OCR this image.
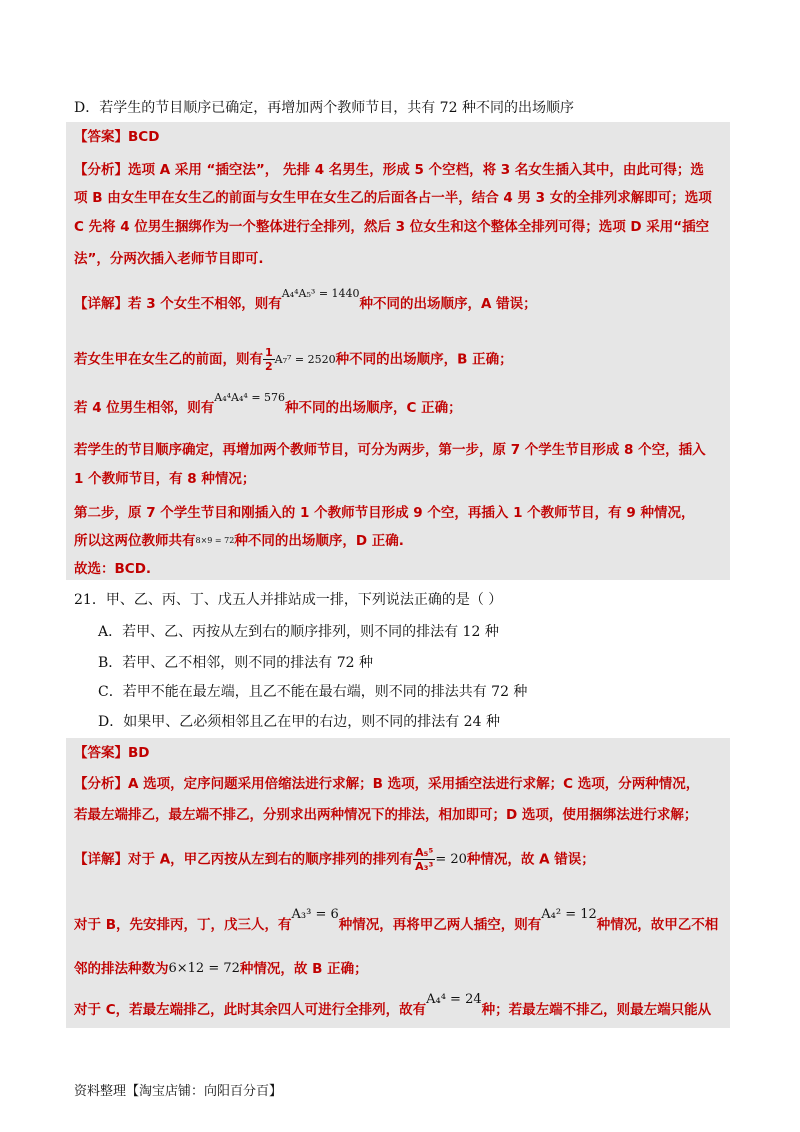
D．若学生的节目顺序已确定，再增加两个教师节目，共有 72 种不同的出场顺序
【答案】BCD
【分析】选项 A 采用 “插空法”， 先排 4 名男生，形成 5 个空档，将 3 名女生插入其中，由此可得；选
项 B 由女生甲在女生乙的前面与女生甲在女生乙的后面各占一半，结合 4 男 3 女的全排列求解即可；选项
C 先将 4 位男生捆绑作为一个整体进行全排列，然后 3 位女生和这个整体全排列可得；选项 D 采用“插空
法”，分两次插入老师节目即可.
【详解】若 3 个女生不相邻，则有A₄⁴A₅³ = 1440种不同的出场顺序，A 错误；
若女生甲在女生乙的前面，则有 $\frac{1}{2} A_7^7 = 2520$种不同的出场顺序，B 正确；
若 4 位男生相邻，则有A₄⁴A₄⁴ = 576种不同的出场顺序，C 正确；
若学生的节目顺序确定，再增加两个教师节目，可分为两步，第一步，原 7 个学生节目形成 8 个空，插入
1 个教师节目，有 8 种情况；
第二步，原 7 个学生节目和刚插入的 1 个教师节目形成 9 个空，再插入 1 个教师节目，有 9 种情况，
所以这两位教师共有8×9 = 72种不同的出场顺序，D 正确.
故选：BCD.
21．甲、乙、丙、丁、戊五人并排站成一排，下列说法正确的是（ ）
A．若甲、乙、丙按从左到右的顺序排列，则不同的排法有 12 种
B．若甲、乙不相邻，则不同的排法有 72 种
C．若甲不能在最左端，且乙不能在最右端，则不同的排法共有 72 种
D．如果甲、乙必须相邻且乙在甲的右边，则不同的排法有 24 种
【答案】BD
【分析】A 选项，定序问题采用倍缩法进行求解；B 选项，采用插空法进行求解；C 选项，分两种情况，
若最左端排乙，最左端不排乙，分别求出两种情况下的排法，相加即可；D 选项，使用捆绑法进行求解；
【详解】对于 A，甲乙丙按从左到右的顺序排列的排列有 $\frac{\text{A₅⁵}}{\text{A₃³}} = 20$种情况，故 A 错误；
对于 B，先安排丙，丁，戊三人，有A₃³ = 6种情况，再将甲乙两人插空，则有A₄² = 12种情况，故甲乙不相
邻的排法种数为6×12 = 72种情况，故 B 正确；
对于 C，若最左端排乙，此时其余四人可进行全排列，故有A₄⁴ = 24种；若最左端不排乙，则最左端只能从
资料整理【淘宝店铺：向阳百分百】
